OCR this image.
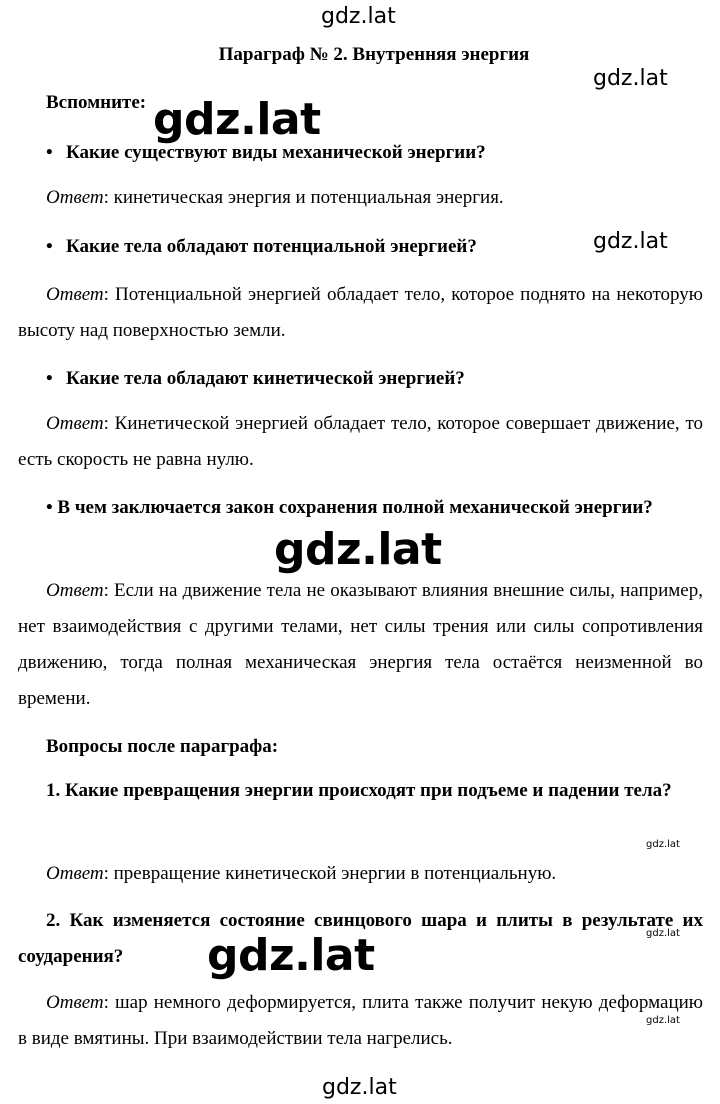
gdz.lat
gdz.lat
gdz.lat
gdz.lat
gdz.lat
gdz.lat
gdz.lat
gdz.lat
gdz.lat
gdz.lat
Параграф № 2. Внутренняя энергия
Вспомните:
• Какие существуют виды механической энергии?

Ответ: кинетическая энергия и потенциальная энергия.

• Какие тела обладают потенциальной энергией?

Ответ: Потенциальной энергией обладает тело, которое поднято на некоторую высоту над поверхностью земли.

• Какие тела обладают кинетической энергией?

Ответ: Кинетической энергией обладает тело, которое совершает движение, то есть скорость не равна нулю.

• В чем заключается закон сохранения полной механической энергии?

Ответ: Если на движение тела не оказывают влияния внешние силы, например, нет взаимодействия с другими телами, нет силы трения или силы сопротивления движению, тогда полная механическая энергия тела остаётся неизменной во времени.

Вопросы после параграфа:

1. Какие превращения энергии происходят при подъеме и падении тела?

Ответ: превращение кинетической энергии в потенциальную.

2. Как изменяется состояние свинцового шара и плиты в результате их соударения?

Ответ: шар немного деформируется, плита также получит некую деформацию в виде вмятины. При взаимодействии тела нагрелись.
